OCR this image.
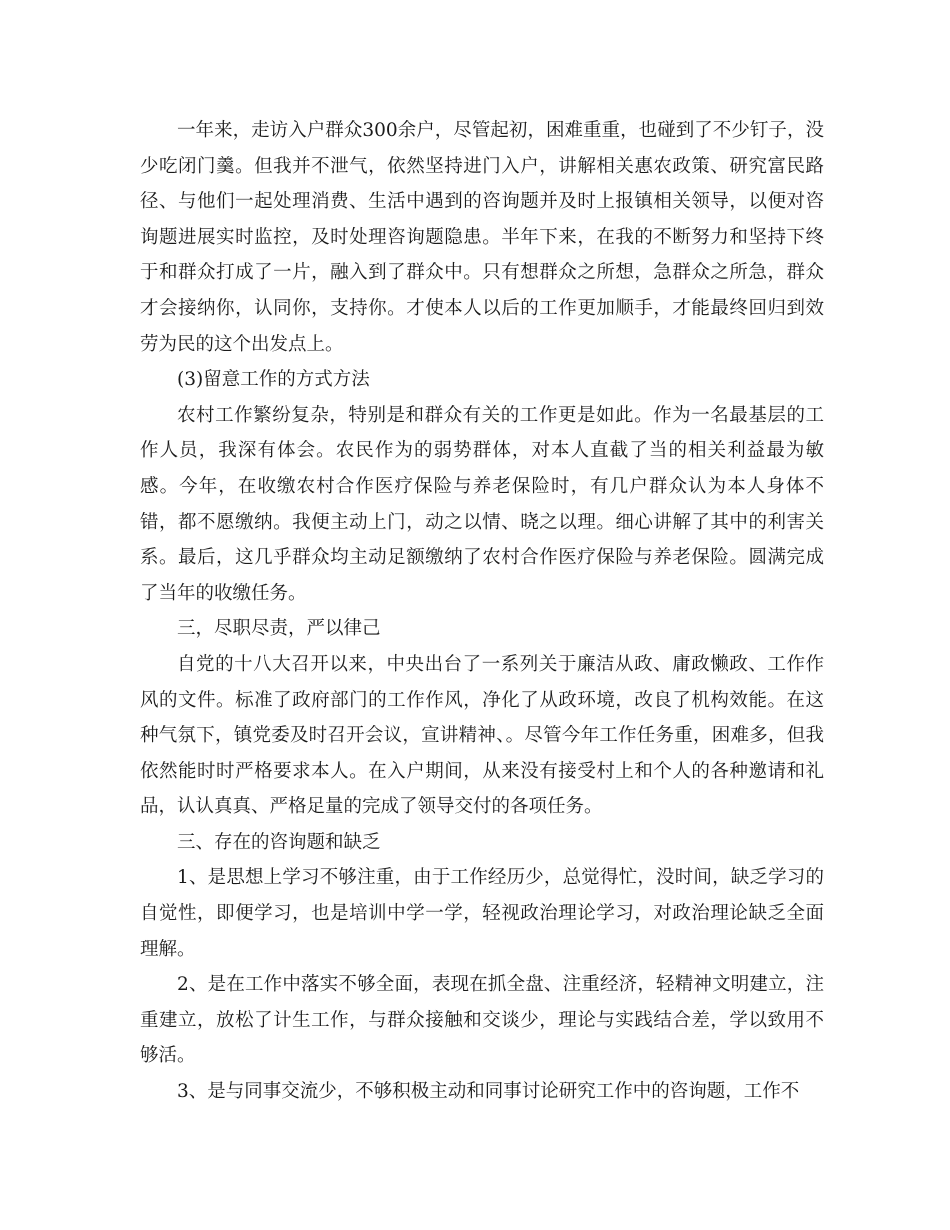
一年来，走访入户群众300余户，尽管起初，困难重重，也碰到了不少钉子，没少吃闭门羹。但我并不泄气，依然坚持进门入户，讲解相关惠农政策、研究富民路径、与他们一起处理消费、生活中遇到的咨询题并及时上报镇相关领导，以便对咨询题进展实时监控，及时处理咨询题隐患。半年下来，在我的不断努力和坚持下终于和群众打成了一片，融入到了群众中。只有想群众之所想，急群众之所急，群众才会接纳你，认同你，支持你。才使本人以后的工作更加顺手，才能最终回归到效劳为民的这个出发点上。

(3)留意工作的方式方法

农村工作繁纷复杂，特别是和群众有关的工作更是如此。作为一名最基层的工作人员，我深有体会。农民作为的弱势群体，对本人直截了当的相关利益最为敏感。今年，在收缴农村合作医疗保险与养老保险时，有几户群众认为本人身体不错，都不愿缴纳。我便主动上门，动之以情、晓之以理。细心讲解了其中的利害关系。最后，这几乎群众均主动足额缴纳了农村合作医疗保险与养老保险。圆满完成了当年的收缴任务。

三，尽职尽责，严以律己

自党的十八大召开以来，中央出台了一系列关于廉洁从政、庸政懒政、工作作风的文件。标准了政府部门的工作作风，净化了从政环境，改良了机构效能。在这种气氛下，镇党委及时召开会议，宣讲精神、。尽管今年工作任务重，困难多，但我依然能时时严格要求本人。在入户期间，从来没有接受村上和个人的各种邀请和礼品，认认真真、严格足量的完成了领导交付的各项任务。

三、存在的咨询题和缺乏

1、是思想上学习不够注重，由于工作经历少，总觉得忙，没时间，缺乏学习的自觉性，即便学习，也是培训中学一学，轻视政治理论学习，对政治理论缺乏全面理解。

2、是在工作中落实不够全面，表现在抓全盘、注重经济，轻精神文明建立，注重建立，放松了计生工作，与群众接触和交谈少，理论与实践结合差，学以致用不够活。

3、是与同事交流少，不够积极主动和同事讨论研究工作中的咨询题，工作不
